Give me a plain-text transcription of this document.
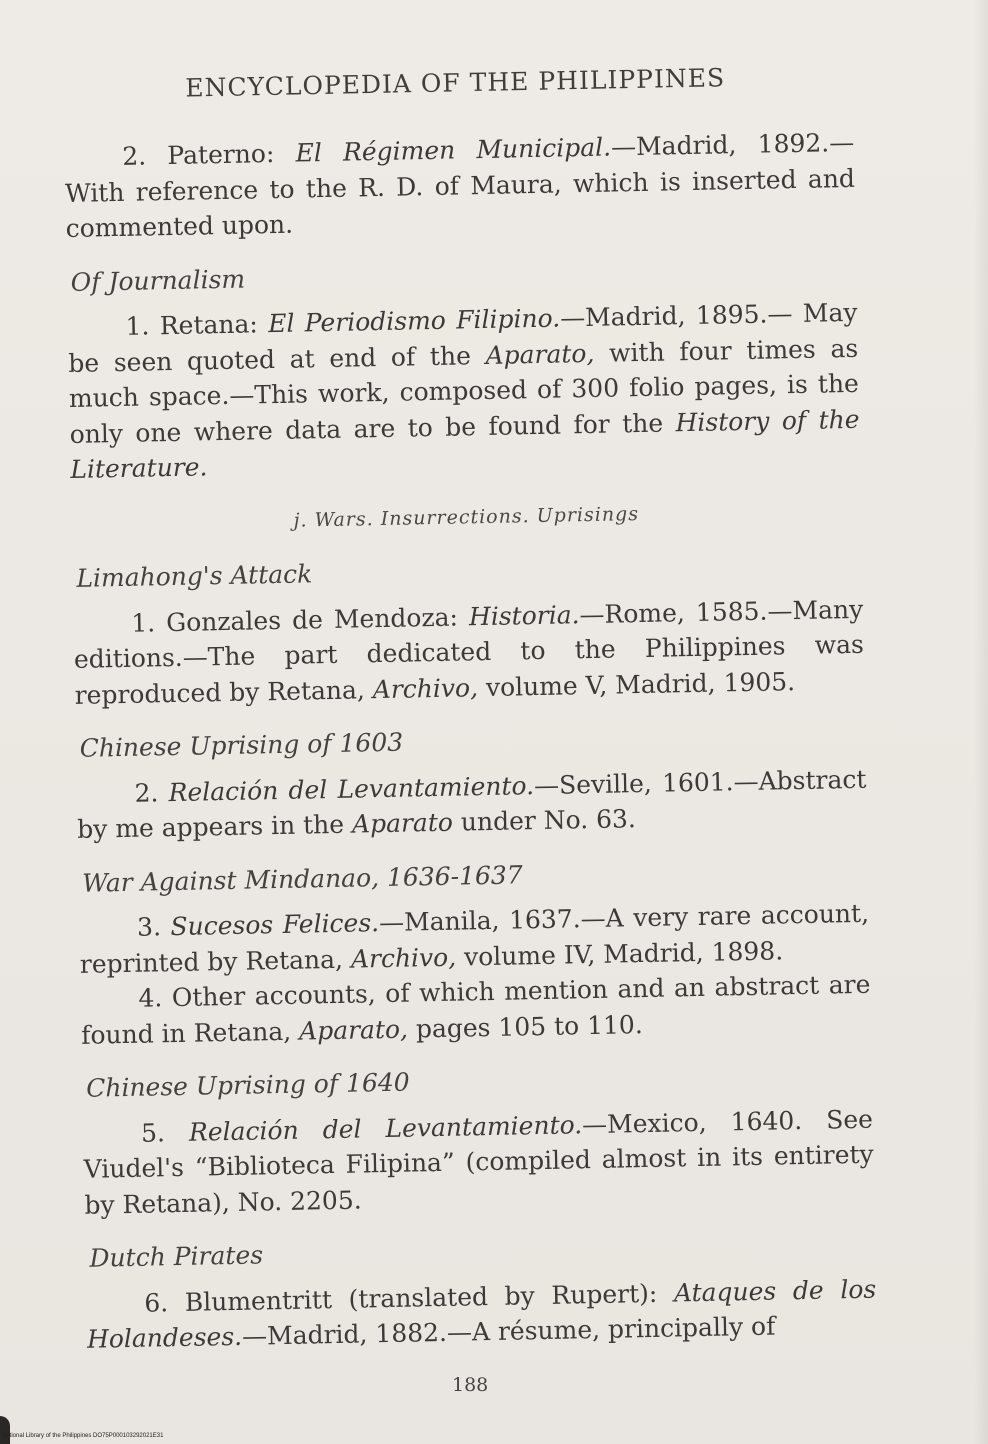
ENCYCLOPEDIA OF THE PHILIPPINES

2. Paterno: El Régimen Municipal.—Madrid, 1892.— With reference to the R. D. of Maura, which is inserted and commented upon.

Of Journalism

1. Retana: El Periodismo Filipino.—Madrid, 1895.— May be seen quoted at end of the Aparato, with four times as much space.—This work, composed of 300 folio pages, is the only one where data are to be found for the History of the Literature.

j. Wars. Insurrections. Uprisings
Limahong's Attack

1. Gonzales de Mendoza: Historia.—Rome, 1585.—Many editions.—The part dedicated to the Philippines was reproduced by Retana, Archivo, volume V, Madrid, 1905.

Chinese Uprising of 1603

2. Relación del Levantamiento.—Seville, 1601.—Abstract by me appears in the Aparato under No. 63.

War Against Mindanao, 1636-1637

3. Sucesos Felices.—Manila, 1637.—A very rare account, reprinted by Retana, Archivo, volume IV, Madrid, 1898.

4. Other accounts, of which mention and an abstract are found in Retana, Aparato, pages 105 to 110.

Chinese Uprising of 1640

5. Relación del Levantamiento.—Mexico, 1640. See Viudel's “Biblioteca Filipina” (compiled almost in its entirety by Retana), No. 2205.

Dutch Pirates

6. Blumentritt (translated by Rupert): Ataques de los Holandeses.—Madrid, 1882.—A résume, principally of

188
National Library of the Philippines DO75P000103292021E31
